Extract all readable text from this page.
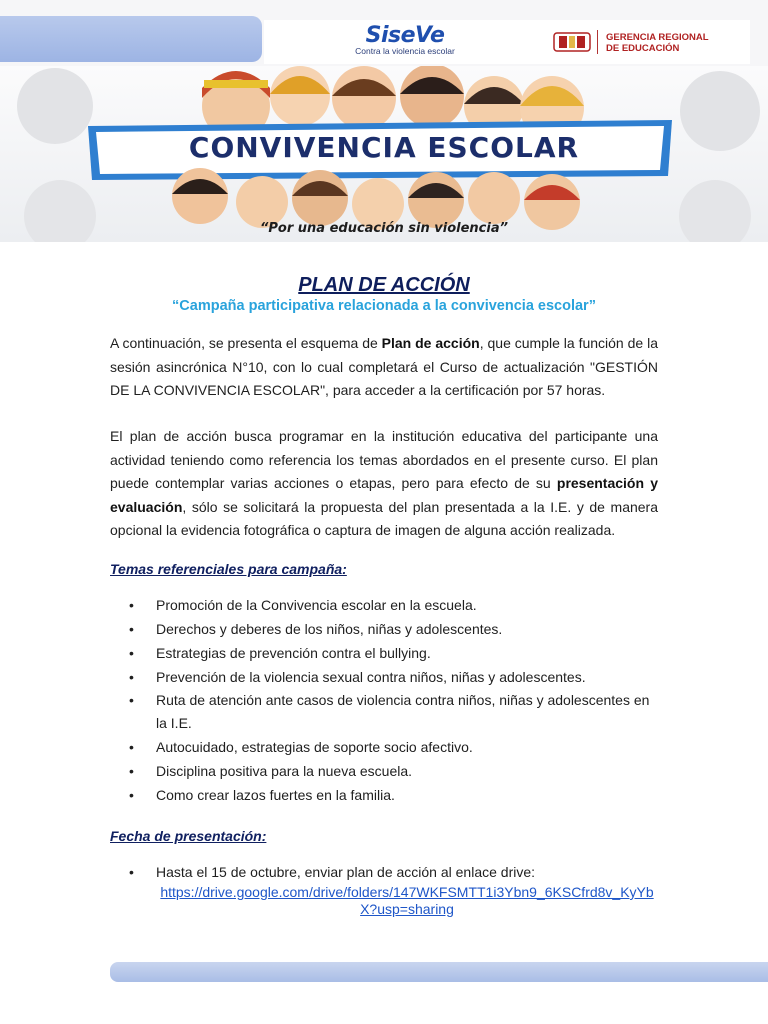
SiseVe
Contra la violencia escolar
GERENCIA REGIONAL
DE EDUCACIÓN
CONVIVENCIA ESCOLAR
“Por una educación sin violencia”
PLAN DE ACCIÓN
“Campaña participativa relacionada a la convivencia escolar”

A continuación, se presenta el esquema de Plan de acción, que cumple la función de la sesión asincrónica N°10, con lo cual completará el Curso de actualización "GESTIÓN DE LA CONVIVENCIA ESCOLAR", para acceder a la certificación por 57 horas.

El plan de acción busca programar en la institución educativa del participante una actividad teniendo como referencia los temas abordados en el presente curso. El plan puede contemplar varias acciones o etapas, pero para efecto de su presentación y evaluación, sólo se solicitará la propuesta del plan presentada a la I.E. y de manera opcional la evidencia fotográfica o captura de imagen de alguna acción realizada.

Temas referenciales para campaña:
• Promoción de la Convivencia escolar en la escuela.
• Derechos y deberes de los niños, niñas y adolescentes.
• Estrategias de prevención contra el bullying.
• Prevención de la violencia sexual contra niños, niñas y adolescentes.
• Ruta de atención ante casos de violencia contra niños, niñas y adolescentes en la I.E.
• Autocuidado, estrategias de soporte socio afectivo.
• Disciplina positiva para la nueva escuela.
• Como crear lazos fuertes en la familia.
Fecha de presentación:
• Hasta el 15 de octubre, enviar plan de acción al enlace drive:
https://drive.google.com/drive/folders/147WKFSMTT1i3Ybn9_6KSCfrd8v_KyYbX?usp=sharing
